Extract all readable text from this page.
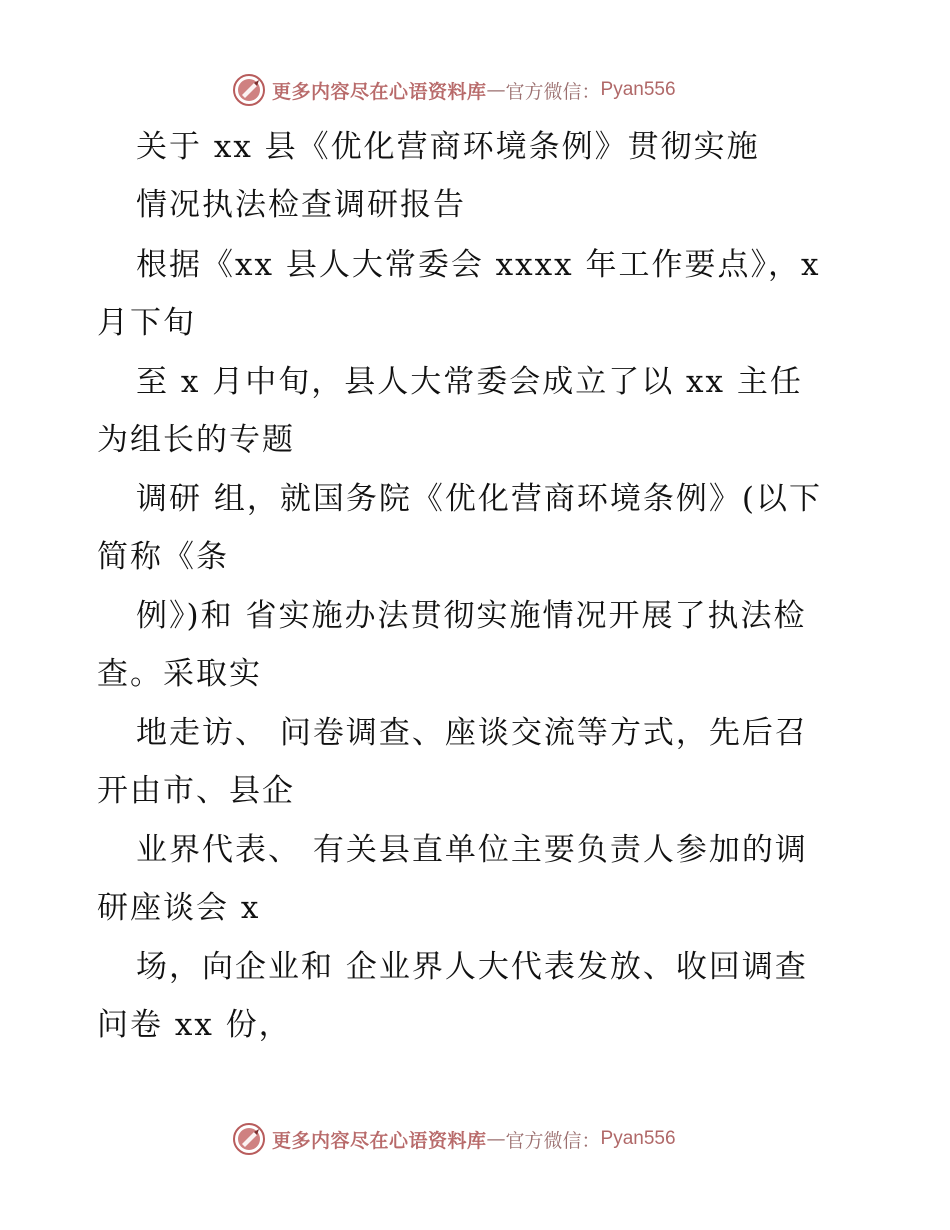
更多内容尽在心语资料库 — 官方微信： Pyan556
关于 xx 县《优化营商环境条例》贯彻实施
情况执法检查调研报告
根据《xx 县人大常委会 xxxx 年工作要点》，x
月下旬
至 x 月中旬，县人大常委会成立了以 xx 主任
为组长的专题
调研 组，就国务院《优化营商环境条例》(以下
简称《条
例》)和 省实施办法贯彻实施情况开展了执法检
查。采取实
地走访、 问卷调查、座谈交流等方式，先后召
开由市、县企
业界代表、 有关县直单位主要负责人参加的调
研座谈会 x
场，向企业和 企业界人大代表发放、收回调查
问卷 xx 份，
更多内容尽在心语资料库 — 官方微信： Pyan556
